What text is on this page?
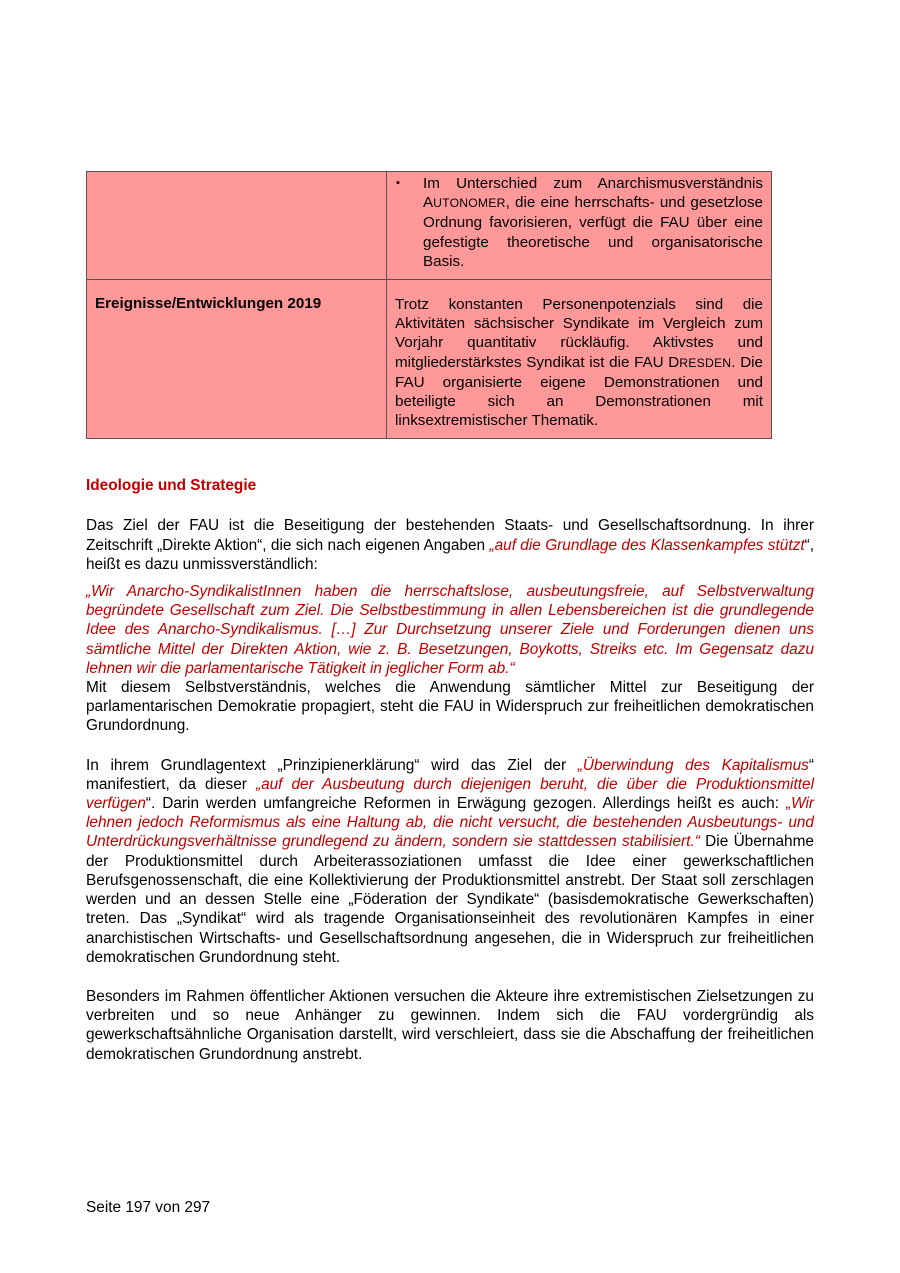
	▪ Im Unterschied zum Anarchismusverständnis AUTONOMER, die eine herrschafts- und gesetzlose Ordnung favorisieren, verfügt die FAU über eine gefestigte theoretische und organisatorische Basis.

Ereignisse/Entwicklungen 2019	Trotz konstanten Personenpotenzials sind die Aktivitäten sächsischer Syndikate im Vergleich zum Vorjahr quantitativ rückläufig. Aktivstes und mitgliederstärkstes Syndikat ist die FAU DRESDEN. Die FAU organisierte eigene Demonstrationen und beteiligte sich an Demonstrationen mit linksextremistischer Thematik.
Ideologie und Strategie

Das Ziel der FAU ist die Beseitigung der bestehenden Staats- und Gesellschaftsordnung. In ihrer Zeitschrift „Direkte Aktion“, die sich nach eigenen Angaben „auf die Grundlage des Klassenkampfes stützt“, heißt es dazu unmissverständlich:

„Wir Anarcho-SyndikalistInnen haben die herrschaftslose, ausbeutungsfreie, auf Selbstverwaltung begründete Gesellschaft zum Ziel. Die Selbstbestimmung in allen Lebensbereichen ist die grundlegende Idee des Anarcho-Syndikalismus. […] Zur Durchsetzung unserer Ziele und Forderungen dienen uns sämtliche Mittel der Direkten Aktion, wie z. B. Besetzungen, Boykotts, Streiks etc. Im Gegensatz dazu lehnen wir die parlamentarische Tätigkeit in jeglicher Form ab.“

Mit diesem Selbstverständnis, welches die Anwendung sämtlicher Mittel zur Beseitigung der parlamentarischen Demokratie propagiert, steht die FAU in Widerspruch zur freiheitlichen demokratischen Grundordnung.

In ihrem Grundlagentext „Prinzipienerklärung“ wird das Ziel der „Überwindung des Kapitalismus“ manifestiert, da dieser „auf der Ausbeutung durch diejenigen beruht, die über die Produktionsmittel verfügen“. Darin werden umfangreiche Reformen in Erwägung gezogen. Allerdings heißt es auch: „Wir lehnen jedoch Reformismus als eine Haltung ab, die nicht versucht, die bestehenden Ausbeutungs- und Unterdrückungsverhältnisse grundlegend zu ändern, sondern sie stattdessen stabilisiert.“ Die Übernahme der Produktionsmittel durch Arbeiterassoziationen umfasst die Idee einer gewerkschaftlichen Berufsgenossenschaft, die eine Kollektivierung der Produktionsmittel anstrebt. Der Staat soll zerschlagen werden und an dessen Stelle eine „Föderation der Syndikate“ (basisdemokratische Gewerkschaften) treten. Das „Syndikat“ wird als tragende Organisationseinheit des revolutionären Kampfes in einer anarchistischen Wirtschafts- und Gesellschaftsordnung angesehen, die in Widerspruch zur freiheitlichen demokratischen Grundordnung steht.

Besonders im Rahmen öffentlicher Aktionen versuchen die Akteure ihre extremistischen Zielsetzungen zu verbreiten und so neue Anhänger zu gewinnen. Indem sich die FAU vordergründig als gewerkschaftsähnliche Organisation darstellt, wird verschleiert, dass sie die Abschaffung der freiheitlichen demokratischen Grundordnung anstrebt.

Seite 197 von 297
